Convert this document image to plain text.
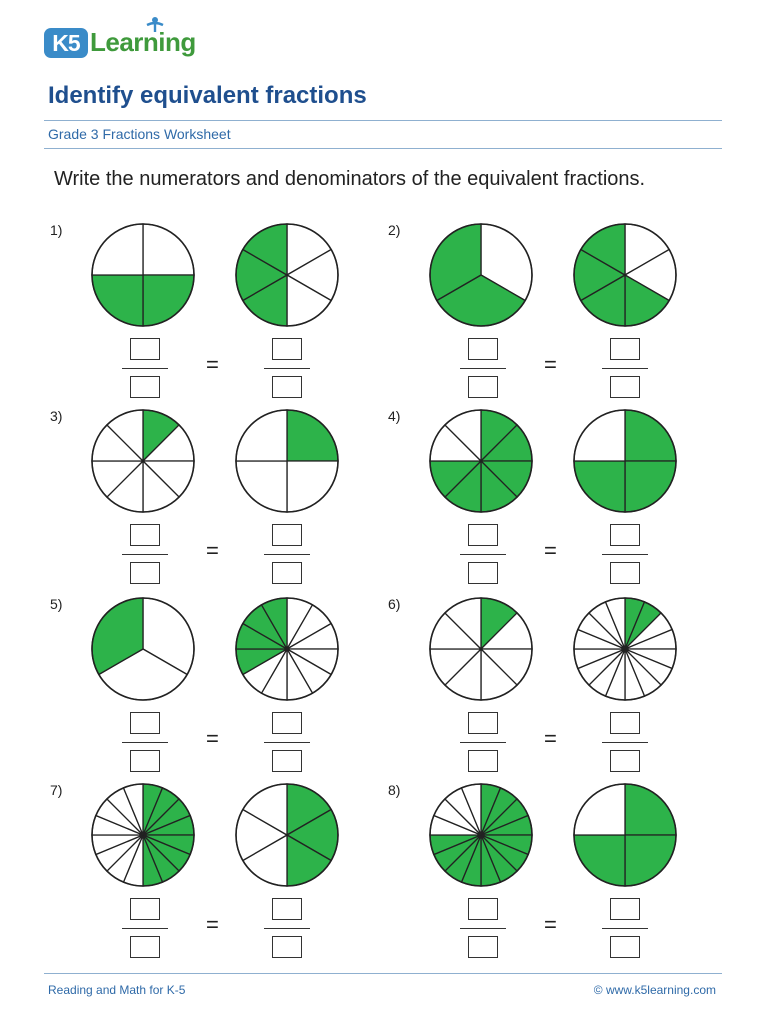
K5 Learning
Identify equivalent fractions
Grade 3 Fractions Worksheet
Write the numerators and denominators of the equivalent fractions.
1)
=
2)
=
3)
=
4)
=
5)
=
6)
=
7)
=
8)
=
Reading and Math for K-5	© www.k5learning.com
